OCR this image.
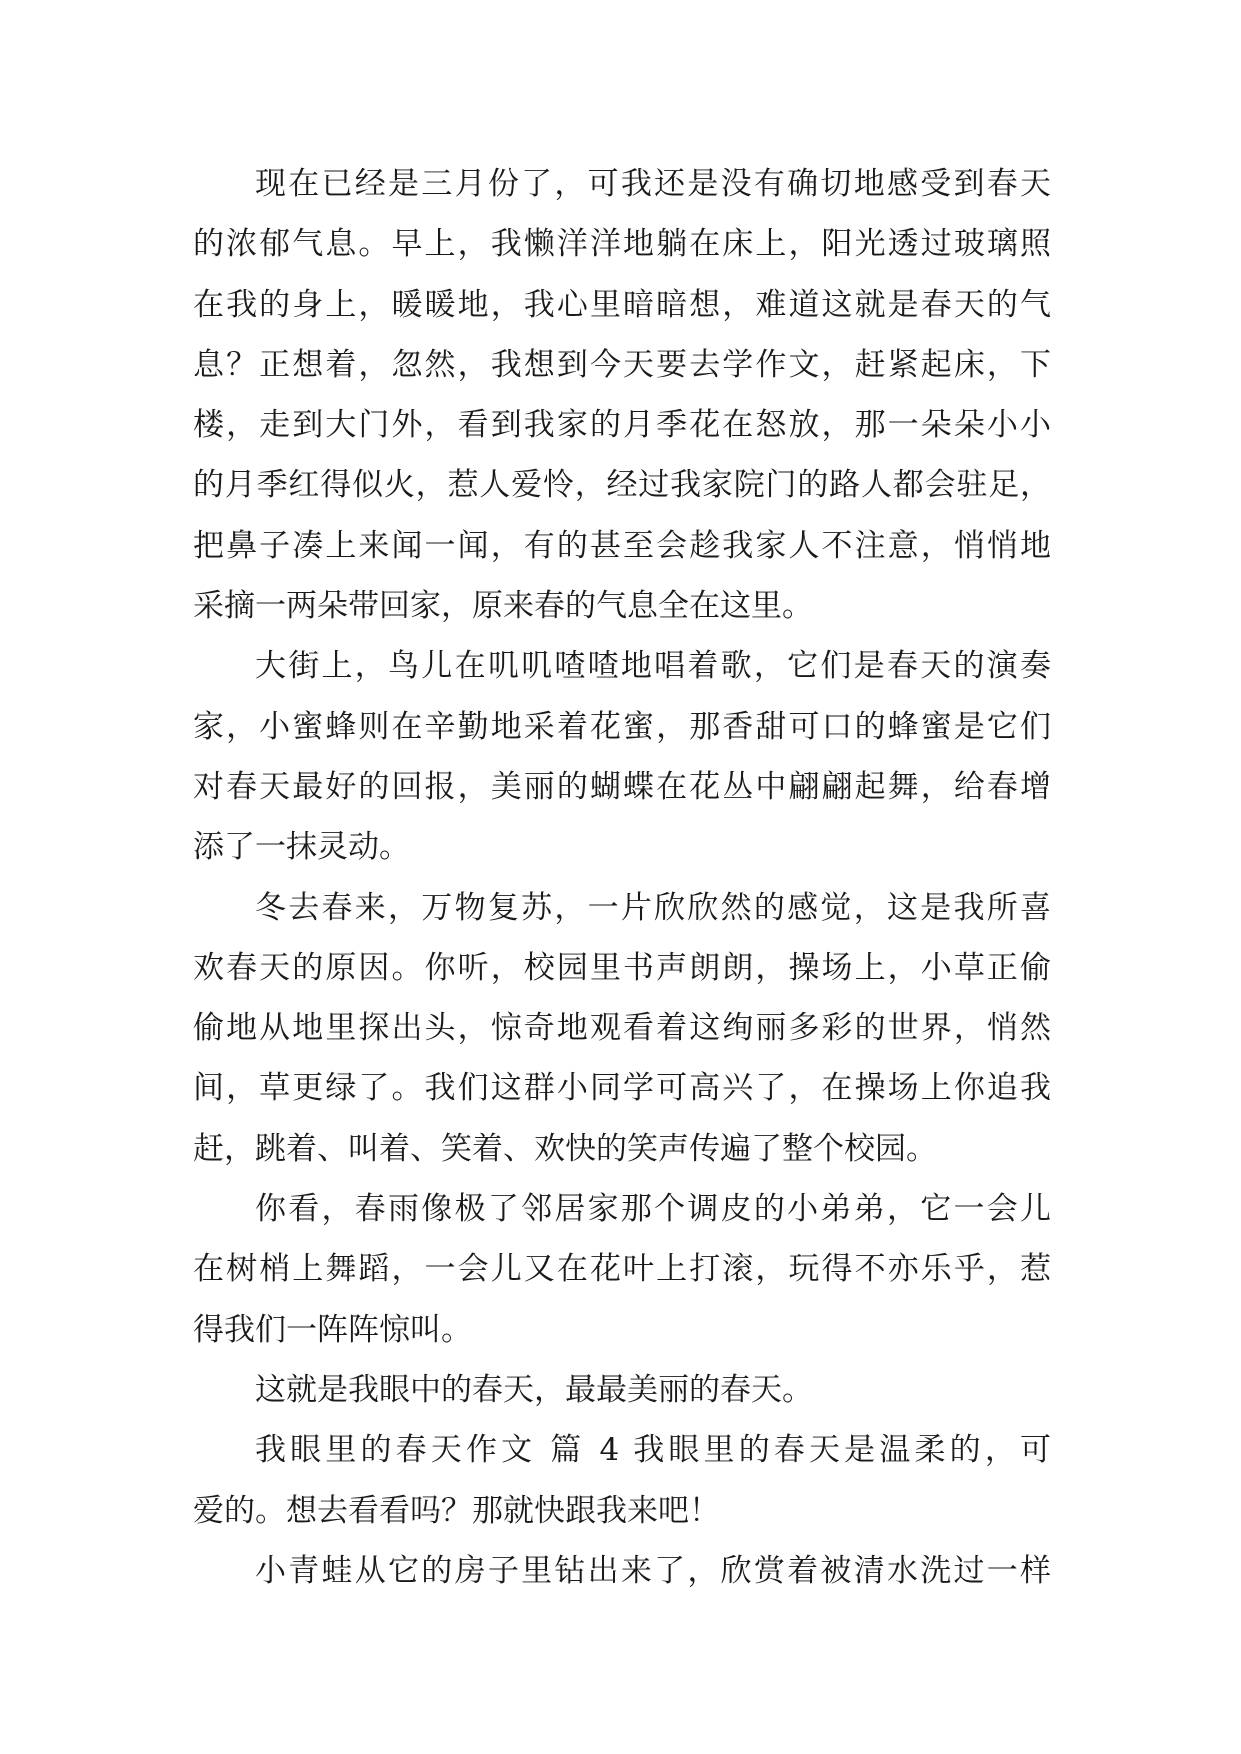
现在已经是三月份了，可我还是没有确切地感受到春天
的浓郁气息。早上，我懒洋洋地躺在床上，阳光透过玻璃照
在我的身上，暖暖地，我心里暗暗想，难道这就是春天的气
息？正想着，忽然，我想到今天要去学作文，赶紧起床，下
楼，走到大门外，看到我家的月季花在怒放，那一朵朵小小
的月季红得似火，惹人爱怜，经过我家院门的路人都会驻足，
把鼻子凑上来闻一闻，有的甚至会趁我家人不注意，悄悄地
采摘一两朵带回家，原来春的气息全在这里。
大街上，鸟儿在叽叽喳喳地唱着歌，它们是春天的演奏
家，小蜜蜂则在辛勤地采着花蜜，那香甜可口的蜂蜜是它们
对春天最好的回报，美丽的蝴蝶在花丛中翩翩起舞，给春增
添了一抹灵动。
冬去春来，万物复苏，一片欣欣然的感觉，这是我所喜
欢春天的原因。你听，校园里书声朗朗，操场上，小草正偷
偷地从地里探出头，惊奇地观看着这绚丽多彩的世界，悄然
间，草更绿了。我们这群小同学可高兴了，在操场上你追我
赶，跳着、叫着、笑着、欢快的笑声传遍了整个校园。
你看，春雨像极了邻居家那个调皮的小弟弟，它一会儿
在树梢上舞蹈，一会儿又在花叶上打滚，玩得不亦乐乎，惹
得我们一阵阵惊叫。
这就是我眼中的春天，最最美丽的春天。
我眼里的春天作文 篇 4 我眼里的春天是温柔的，可
爱的。想去看看吗？那就快跟我来吧！
小青蛙从它的房子里钻出来了，欣赏着被清水洗过一样
